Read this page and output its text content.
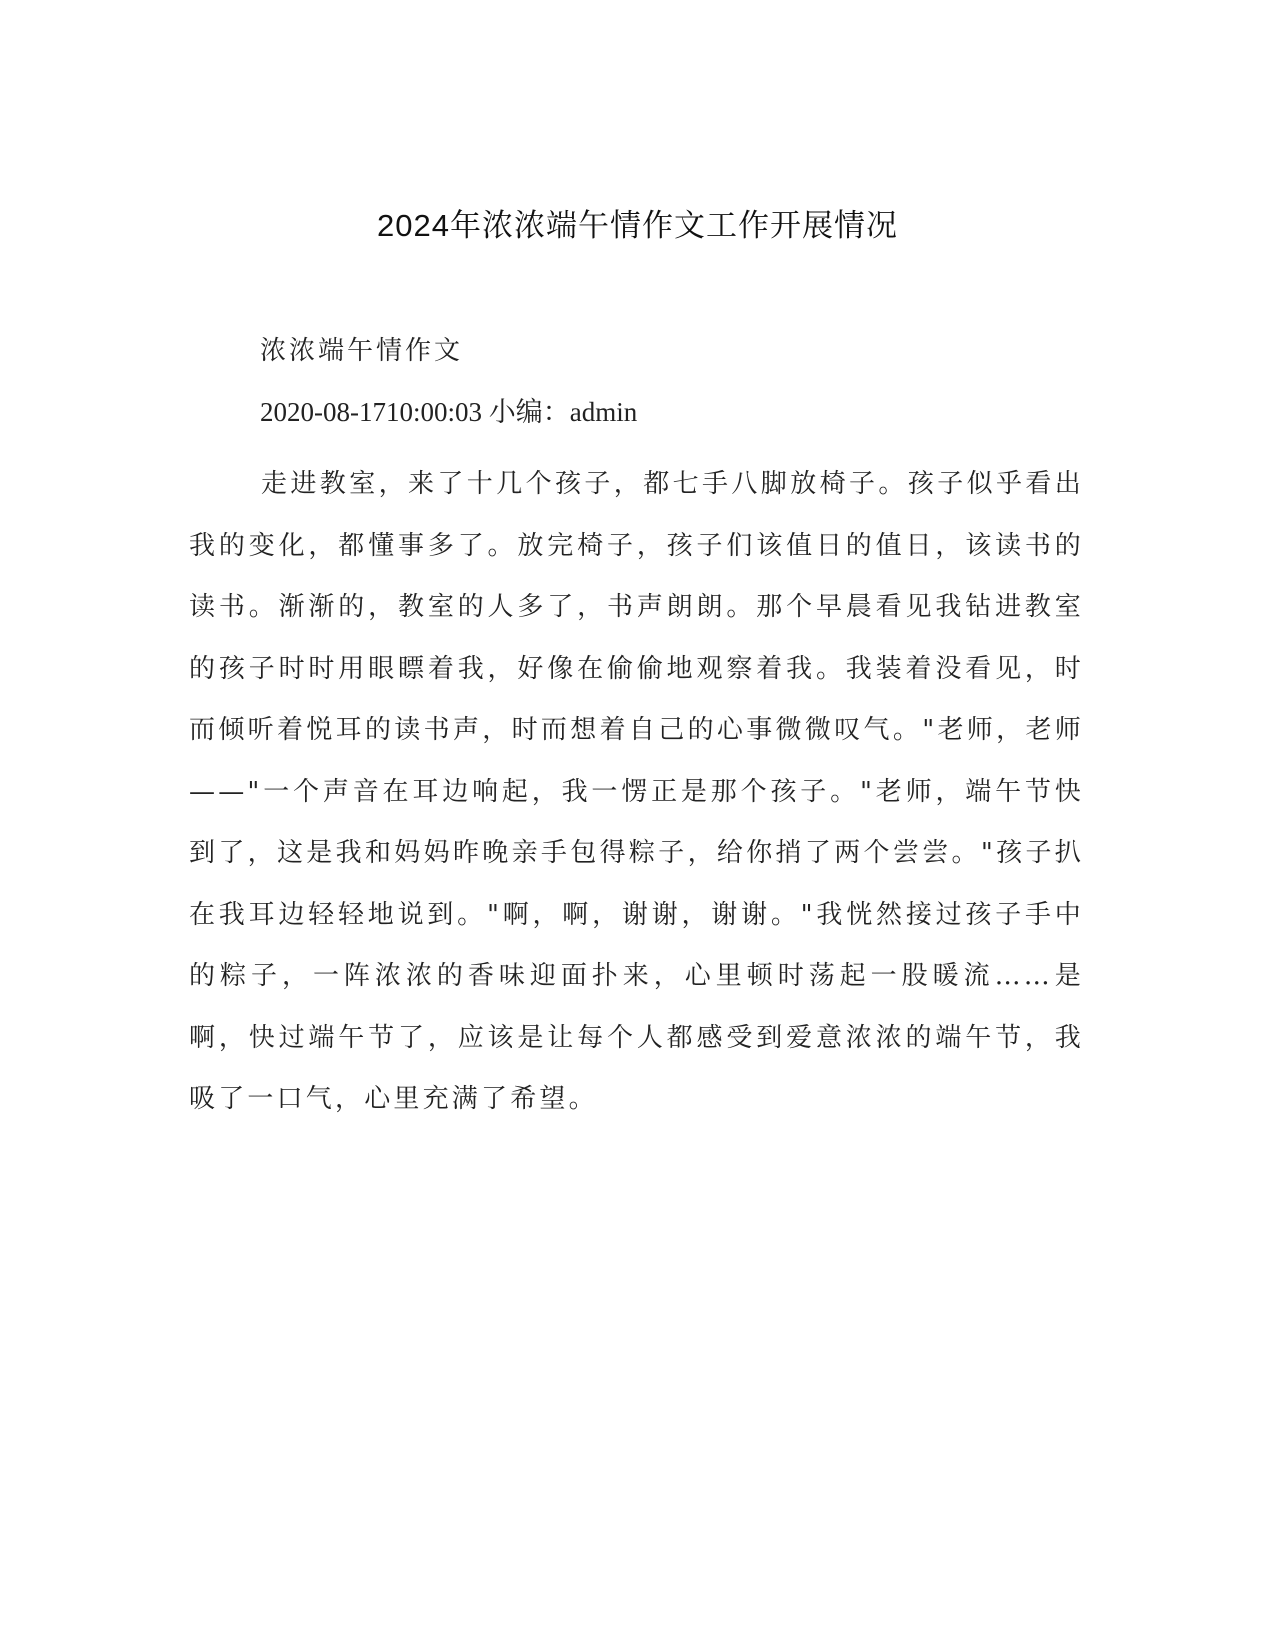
2024年浓浓端午情作文工作开展情况
浓浓端午情作文
2020-08-1710:00:03 小编：admin

走进教室，来了十几个孩子，都七手八脚放椅子。孩子似乎看出我的变化，都懂事多了。放完椅子，孩子们该值日的值日，该读书的读书。渐渐的，教室的人多了，书声朗朗。那个早晨看见我钻进教室的孩子时时用眼瞟着我，好像在偷偷地观察着我。我装着没看见，时而倾听着悦耳的读书声，时而想着自己的心事微微叹气。"老师，老师——"一个声音在耳边响起，我一愣正是那个孩子。"老师，端午节快到了，这是我和妈妈昨晚亲手包得粽子，给你捎了两个尝尝。"孩子扒在我耳边轻轻地说到。"啊，啊，谢谢，谢谢。"我恍然接过孩子手中的粽子，一阵浓浓的香味迎面扑来，心里顿时荡起一股暖流……是啊，快过端午节了，应该是让每个人都感受到爱意浓浓的端午节，我吸了一口气，心里充满了希望。
